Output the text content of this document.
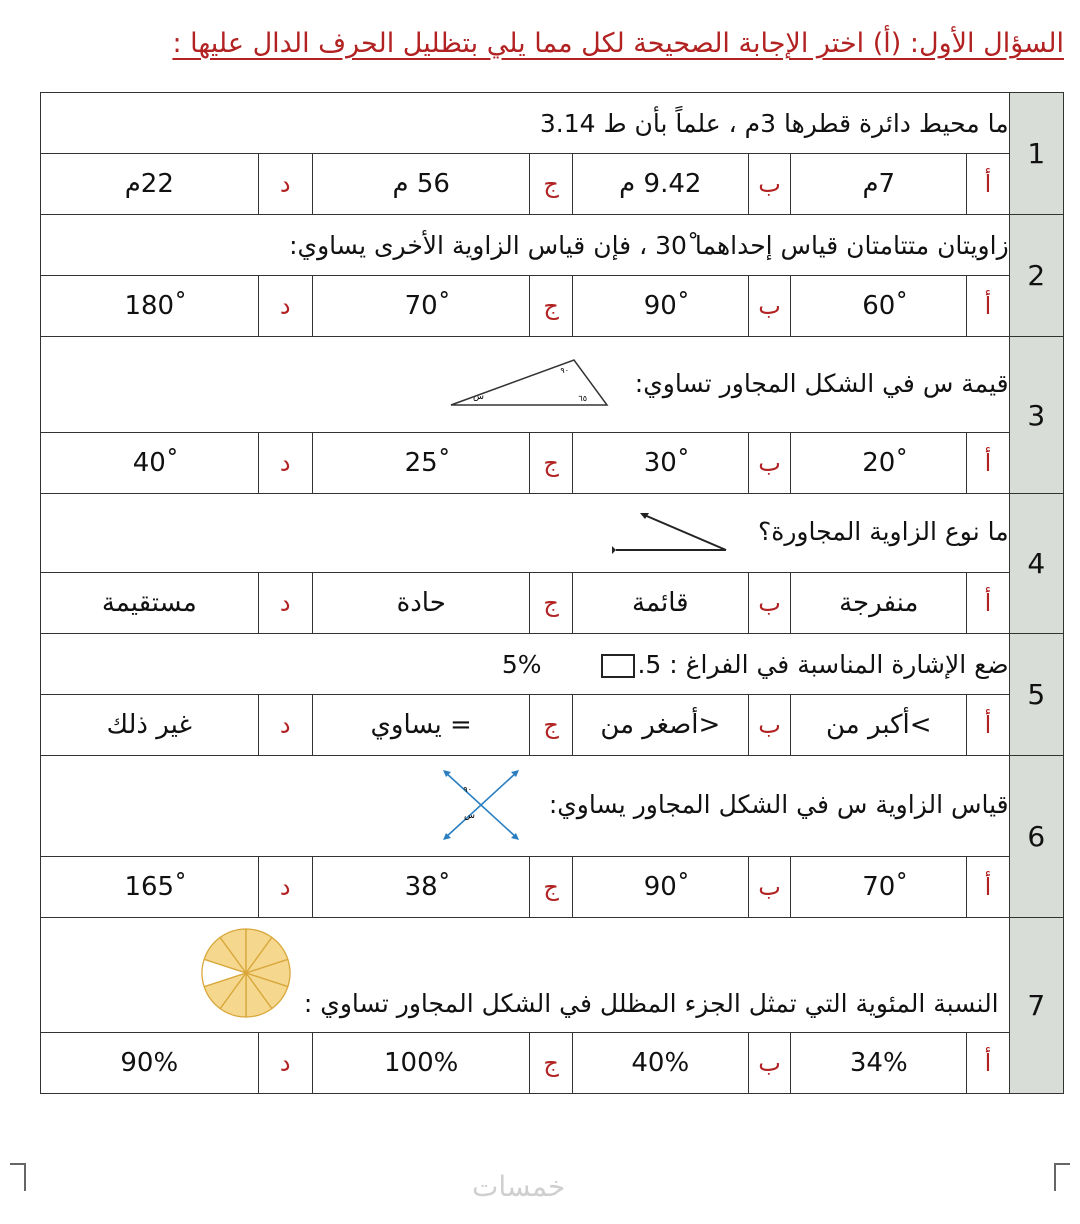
السؤال الأول: (أ) اختر الإجابة الصحيحة لكل مما يلي بتظليل الحرف الدال عليها :
1	ما محيط دائرة قطرها 3م ، علماً بأن ط 3.14							
	أ	7م	ب	9.42 م	ج	56 م	د	22م
2	زاويتان متتامتان قياس إحداهما 30ْ ، فإن قياس الزاوية الأخرى يساوي:							
	أ	60ْ	ب	90ْ	ج	70ْ	د	180ْ
3	قيمة س في الشكل المجاور تساوي:
٩٠
س ٦٥							

	أ	20ْ	ب	30ْ	ج	25ْ	د	40ْ
4	ما نوع الزاوية المجاورة؟							
	أ	منفرجة	ب	قائمة	ج	حادة	د	مستقيمة
5	ضع الإشارة المناسبة في الفراغ : 5. 5%							
	أ	>أكبر من	ب	<أصغر من	ج	= يساوي	د	غير ذلك
6	قياس الزاوية س في الشكل المجاور يساوي:
٩٠
س							

	أ	70ْ	ب	90ْ	ج	38ْ	د	165ْ
7	النسبة المئوية التي تمثل الجزء المظلل في الشكل المجاور تساوي :							

	أ	34%	ب	40%	ج	100%	د	90%
خمسات
